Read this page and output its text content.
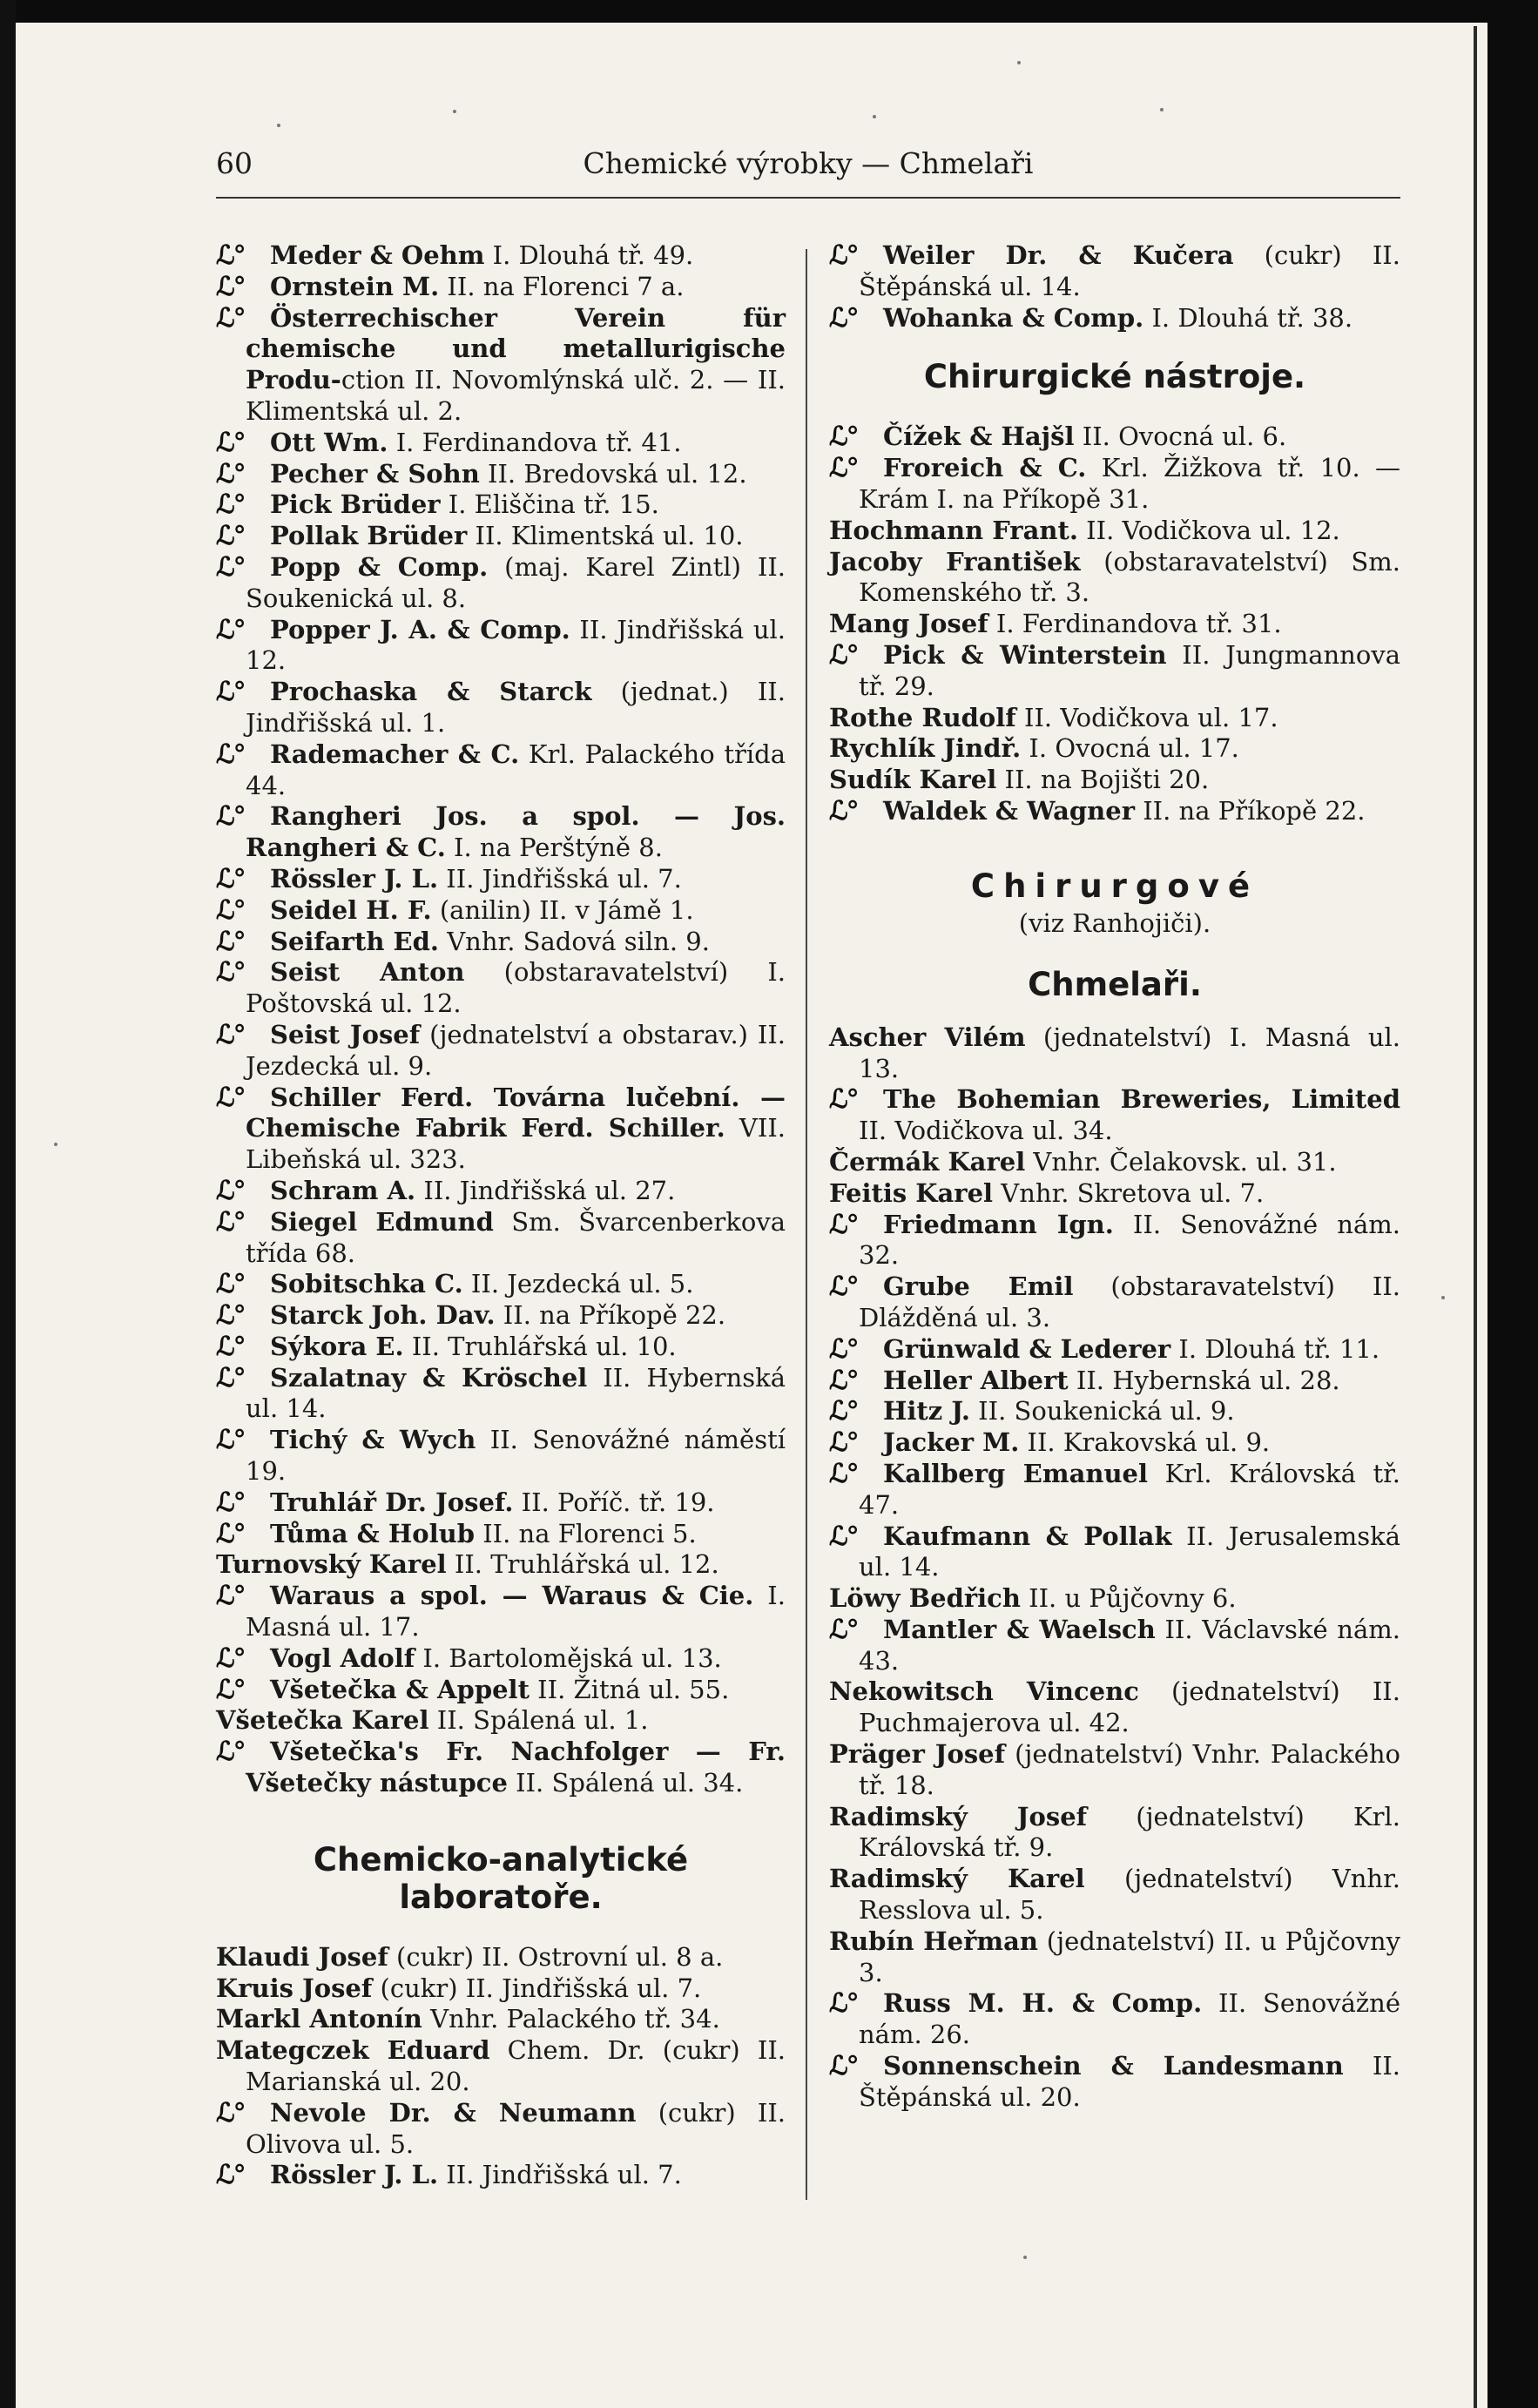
60	Chemické výrobky — Chmelaři
ℒ° Meder & Oehm I. Dlouhá tř. 49.
ℒ° Ornstein M. II. na Florenci 7 a.
ℒ° Österrechischer Verein für chemische und metallurigische Produ-ction II. Novomlýnská ulč. 2. — II. Klimentská ul. 2.
ℒ° Ott Wm. I. Ferdinandova tř. 41.
ℒ° Pecher & Sohn II. Bredovská ul. 12.
ℒ° Pick Brüder I. Eliščina tř. 15.
ℒ° Pollak Brüder II. Klimentská ul. 10.
ℒ° Popp & Comp. (maj. Karel Zintl) II. Soukenická ul. 8.
ℒ° Popper J. A. & Comp. II. Jindřišská ul. 12.
ℒ° Prochaska & Starck (jednat.) II. Jindřišská ul. 1.
ℒ° Rademacher & C. Krl. Palackého třída 44.
ℒ° Rangheri Jos. a spol. — Jos. Rangheri & C. I. na Perštýně 8.
ℒ° Rössler J. L. II. Jindřišská ul. 7.
ℒ° Seidel H. F. (anilin) II. v Jámě 1.
ℒ° Seifarth Ed. Vnhr. Sadová siln. 9.
ℒ° Seist Anton (obstaravatelství) I. Poštovská ul. 12.
ℒ° Seist Josef (jednatelství a obstarav.) II. Jezdecká ul. 9.
ℒ° Schiller Ferd. Továrna lučební. — Chemische Fabrik Ferd. Schiller. VII. Libeňská ul. 323.
ℒ° Schram A. II. Jindřišská ul. 27.
ℒ° Siegel Edmund Sm. Švarcenberkova třída 68.
ℒ° Sobitschka C. II. Jezdecká ul. 5.
ℒ° Starck Joh. Dav. II. na Příkopě 22.
ℒ° Sýkora E. II. Truhlářská ul. 10.
ℒ° Szalatnay & Kröschel II. Hybernská ul. 14.
ℒ° Tichý & Wych II. Senovážné náměstí 19.
ℒ° Truhlář Dr. Josef. II. Poříč. tř. 19.
ℒ° Tůma & Holub II. na Florenci 5.
Turnovský Karel II. Truhlářská ul. 12.
ℒ° Waraus a spol. — Waraus & Cie. I. Masná ul. 17.
ℒ° Vogl Adolf I. Bartolomějská ul. 13.
ℒ° Všetečka & Appelt II. Žitná ul. 55.
Všetečka Karel II. Spálená ul. 1.
ℒ° Všetečka's Fr. Nachfolger — Fr. Všetečky nástupce II. Spálená ul. 34.
Chemicko-analytické laboratoře.
Klaudi Josef (cukr) II. Ostrovní ul. 8 a.
Kruis Josef (cukr) II. Jindřišská ul. 7.
Markl Antonín Vnhr. Palackého tř. 34.
Mategczek Eduard Chem. Dr. (cukr) II. Marianská ul. 20.
ℒ° Nevole Dr. & Neumann (cukr) II. Olivova ul. 5.
ℒ° Rössler J. L. II. Jindřišská ul. 7.
ℒ° Weiler Dr. & Kučera (cukr) II. Štěpánská ul. 14.
ℒ° Wohanka & Comp. I. Dlouhá tř. 38.
Chirurgické nástroje.
ℒ° Čížek & Hajšl II. Ovocná ul. 6.
ℒ° Froreich & C. Krl. Žižkova tř. 10. — Krám I. na Příkopě 31.
Hochmann Frant. II. Vodičkova ul. 12.
Jacoby František (obstaravatelství) Sm. Komenského tř. 3.
Mang Josef I. Ferdinandova tř. 31.
ℒ° Pick & Winterstein II. Jungmannova tř. 29.
Rothe Rudolf II. Vodičkova ul. 17.
Rychlík Jindř. I. Ovocná ul. 17.
Sudík Karel II. na Bojišti 20.
ℒ° Waldek & Wagner II. na Příkopě 22.
Chirurgové
(viz Ranhojiči).
Chmelaři.
Ascher Vilém (jednatelství) I. Masná ul. 13.
ℒ° The Bohemian Breweries, Limited II. Vodičkova ul. 34.
Čermák Karel Vnhr. Čelakovsk. ul. 31.
Feitis Karel Vnhr. Skretova ul. 7.
ℒ° Friedmann Ign. II. Senovážné nám. 32.
ℒ° Grube Emil (obstaravatelství) II. Dlážděná ul. 3.
ℒ° Grünwald & Lederer I. Dlouhá tř. 11.
ℒ° Heller Albert II. Hybernská ul. 28.
ℒ° Hitz J. II. Soukenická ul. 9.
ℒ° Jacker M. II. Krakovská ul. 9.
ℒ° Kallberg Emanuel Krl. Královská tř. 47.
ℒ° Kaufmann & Pollak II. Jerusalemská ul. 14.
Löwy Bedřich II. u Půjčovny 6.
ℒ° Mantler & Waelsch II. Václavské nám. 43.
Nekowitsch Vincenc (jednatelství) II. Puchmajerova ul. 42.
Präger Josef (jednatelství) Vnhr. Palackého tř. 18.
Radimský Josef (jednatelství) Krl. Královská tř. 9.
Radimský Karel (jednatelství) Vnhr. Resslova ul. 5.
Rubín Heřman (jednatelství) II. u Půjčovny 3.
ℒ° Russ M. H. & Comp. II. Senovážné nám. 26.
ℒ° Sonnenschein & Landesmann II. Štěpánská ul. 20.
